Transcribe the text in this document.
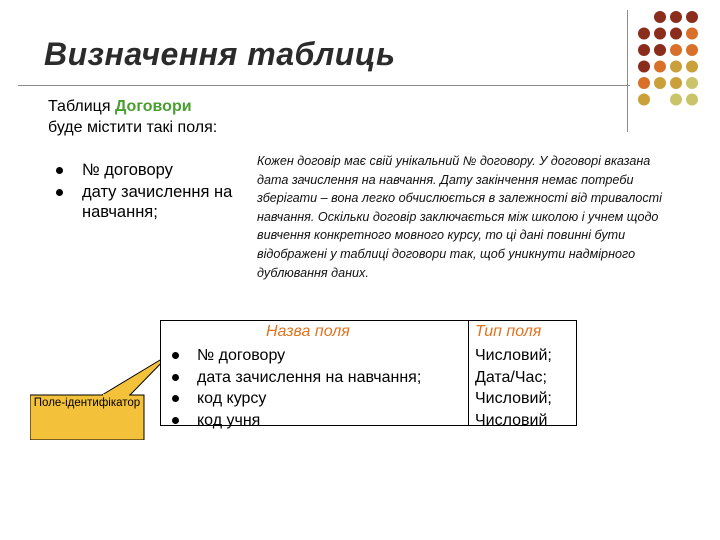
Визначення таблиць
Таблиця Договори
буде містити такі поля:
№ договору
дату зачислення на навчання;
Кожен договір має свій унікальний № договору. У договорі вказана дата зачислення на навчання. Дату закінчення немає потреби зберігати – вона легко обчислюється в залежності від тривалості навчання. Оскільки договір заключається між школою і учнем щодо вивчення конкретного мовного курсу, то ці дані повинні бути відображені у таблиці договори так, щоб уникнути надмірного дублювання даних.
Поле-ідентифікатор
Назва поля
№ договору
дата зачислення на навчання;
код курсу
код учня
Тип поля
Числовий;
Дата/Час;
Числовий;
Числовий
